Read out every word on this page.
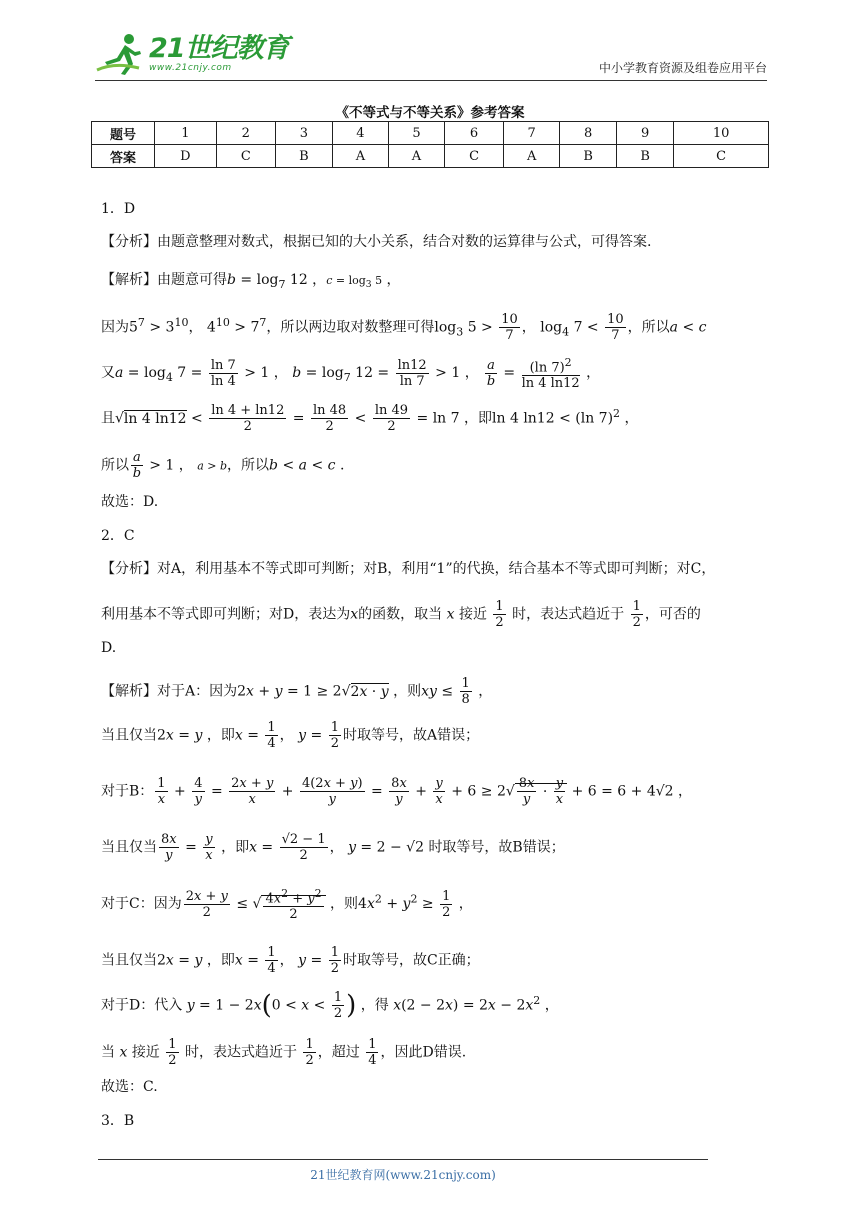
21世纪教育
www.21cnjy.com	中小学教育资源及组卷应用平台
《不等式与不等关系》参考答案
题号	1	2	3	4	5	6	7	8	9	10
答案	D	C	B	A	A	C	A	B	B	C
1．D
【分析】由题意整理对数式，根据已知的大小关系，结合对数的运算律与公式，可得答案.
【解析】由题意可得$b = \log_7 12$ ，$c = \log_3 5$ ，
因为$5^7 > 3^{10}$， $4^{10} > 7^7$，所以两边取对数整理可得$\log_3 5 > \frac{10}{7}$ ， $\log_4 7 < \frac{10}{7}$ ，所以a < c
又$a = \log_4 7 = \frac{\ln 7}{\ln 4} > 1$ ， $b = \log_7 12 = \frac{\ln 12}{\ln 7} > 1$ ， $\frac{a}{b} = \frac{(\ln 7)^2}{\ln 4 \ln 12}$ ，
且√ln 4 $\ln 12 < \frac{\ln 4 + \ln 12}{2} = \frac{\ln 48}{2} < \frac{\ln 49}{2} = \ln 7$ ，即ln 4 ln12 < (ln 7)$^2$ ，
所以 $\frac{a}{b} > 1$ ， a > b，所以b < a < c .
故选：D.
2．C
【分析】对A，利用基本不等式即可判断；对B，利用“1”的代换，结合基本不等式即可判断；对C，
利用基本不等式即可判断；对D，表达为x的函数，取当 x 接近 $\frac{1}{2}$ 时，表达式趋近于 $\frac{1}{2}$ ，可否的
D.
【解析】对于A：因为2x + y = 1 ≥ 2√2x · y ，则xy ≤ $\frac{1}{8}$ ，
当且仅当2x = y ，即$x = \frac{1}{4}$ ， $y = \frac{1}{2}$ 时取等号，故A错误；
对于B： $\frac{1}{x} + \frac{4}{y} = \frac{2x + y}{x} + \frac{4(2x + y)}{y} = \frac{8x}{y} + \frac{y}{x} + 6 \ge 2√ \frac{8x}{y} \cdot \frac{y}{x} + 6 = 6 + 4√2$ ，
当且仅当 $\frac{8x}{y} = \frac{y}{x}$ ，即$x = \frac{√2 - 1}{2}$ ， y = 2 − √2 时取等号，故B错误；
对于C：因为 $\frac{2x + y}{2}$ ≤ √ $\frac{4x^2 + y^2}{2}$ ，则$4x^2 + y^2 \ge \frac{1}{2}$ ，
当且仅当2x = y ，即$x = \frac{1}{4}$ ， $y = \frac{1}{2}$ 时取等号，故C正确；
对于D：代入 $y = 1 - 2x(0 < x < \frac{1}{2}$ ) ，得 $x(2 - 2x) = 2x - 2x^2$ ，
当 x 接近 $\frac{1}{2}$ 时，表达式趋近于 $\frac{1}{2}$ ，超过 $\frac{1}{4}$ ，因此D错误.
故选：C.
3．B
21世纪教育网(www.21cnjy.com)
